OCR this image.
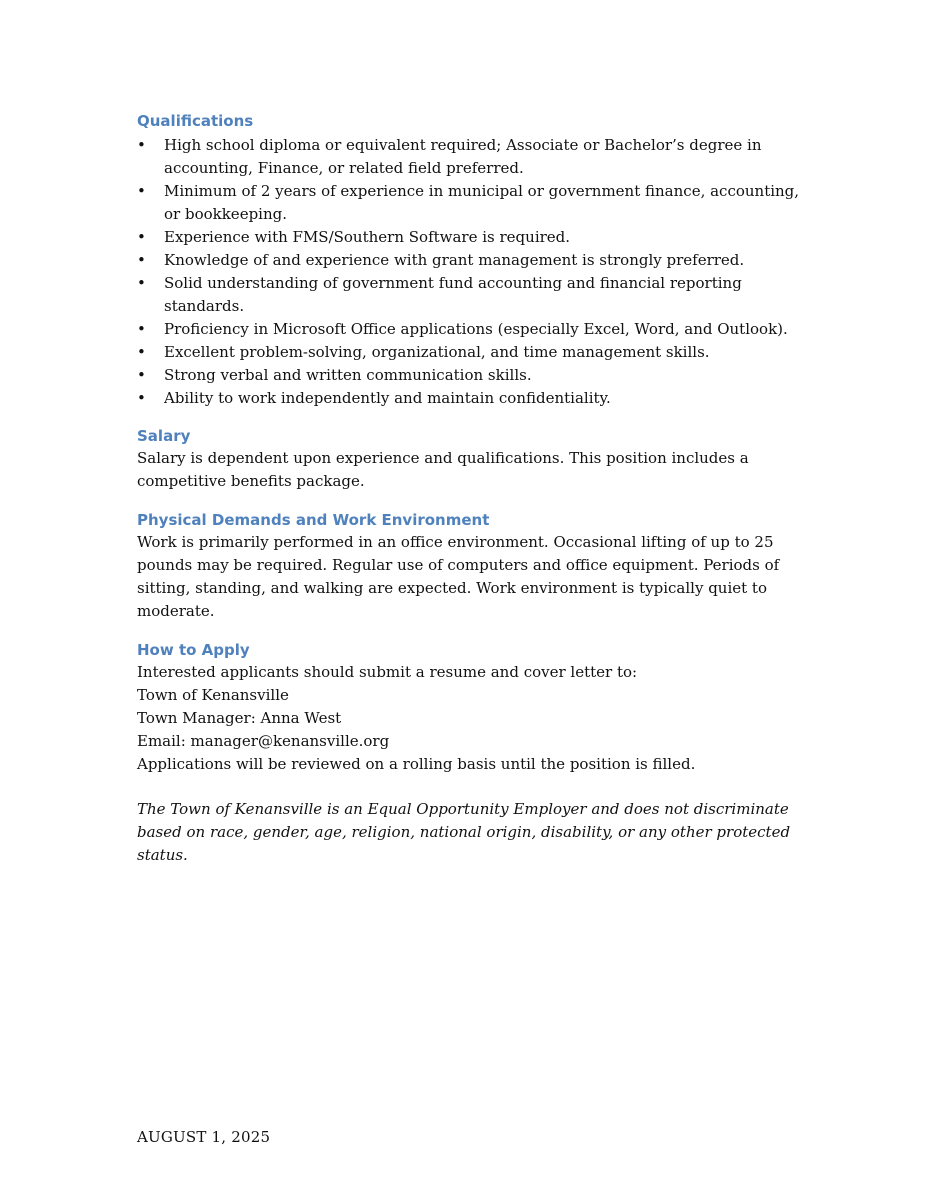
Qualifications
• High school diploma or equivalent required; Associate or Bachelor’s degree in accounting, Finance, or related field preferred.
• Minimum of 2 years of experience in municipal or government finance, accounting, or bookkeeping.
• Experience with FMS/Southern Software is required.
• Knowledge of and experience with grant management is strongly preferred.
• Solid understanding of government fund accounting and financial reporting standards.
• Proficiency in Microsoft Office applications (especially Excel, Word, and Outlook).
• Excellent problem-solving, organizational, and time management skills.
• Strong verbal and written communication skills.
• Ability to work independently and maintain confidentiality.
Salary

Salary is dependent upon experience and qualifications. This position includes a competitive benefits package.

Physical Demands and Work Environment

Work is primarily performed in an office environment. Occasional lifting of up to 25 pounds may be required. Regular use of computers and office equipment. Periods of sitting, standing, and walking are expected. Work environment is typically quiet to moderate.

How to Apply
Interested applicants should submit a resume and cover letter to:
Town of Kenansville
Town Manager: Anna West
Email: manager@kenansville.org
Applications will be reviewed on a rolling basis until the position is filled.

The Town of Kenansville is an Equal Opportunity Employer and does not discriminate based on race, gender, age, religion, national origin, disability, or any other protected status.

AUGUST 1, 2025
